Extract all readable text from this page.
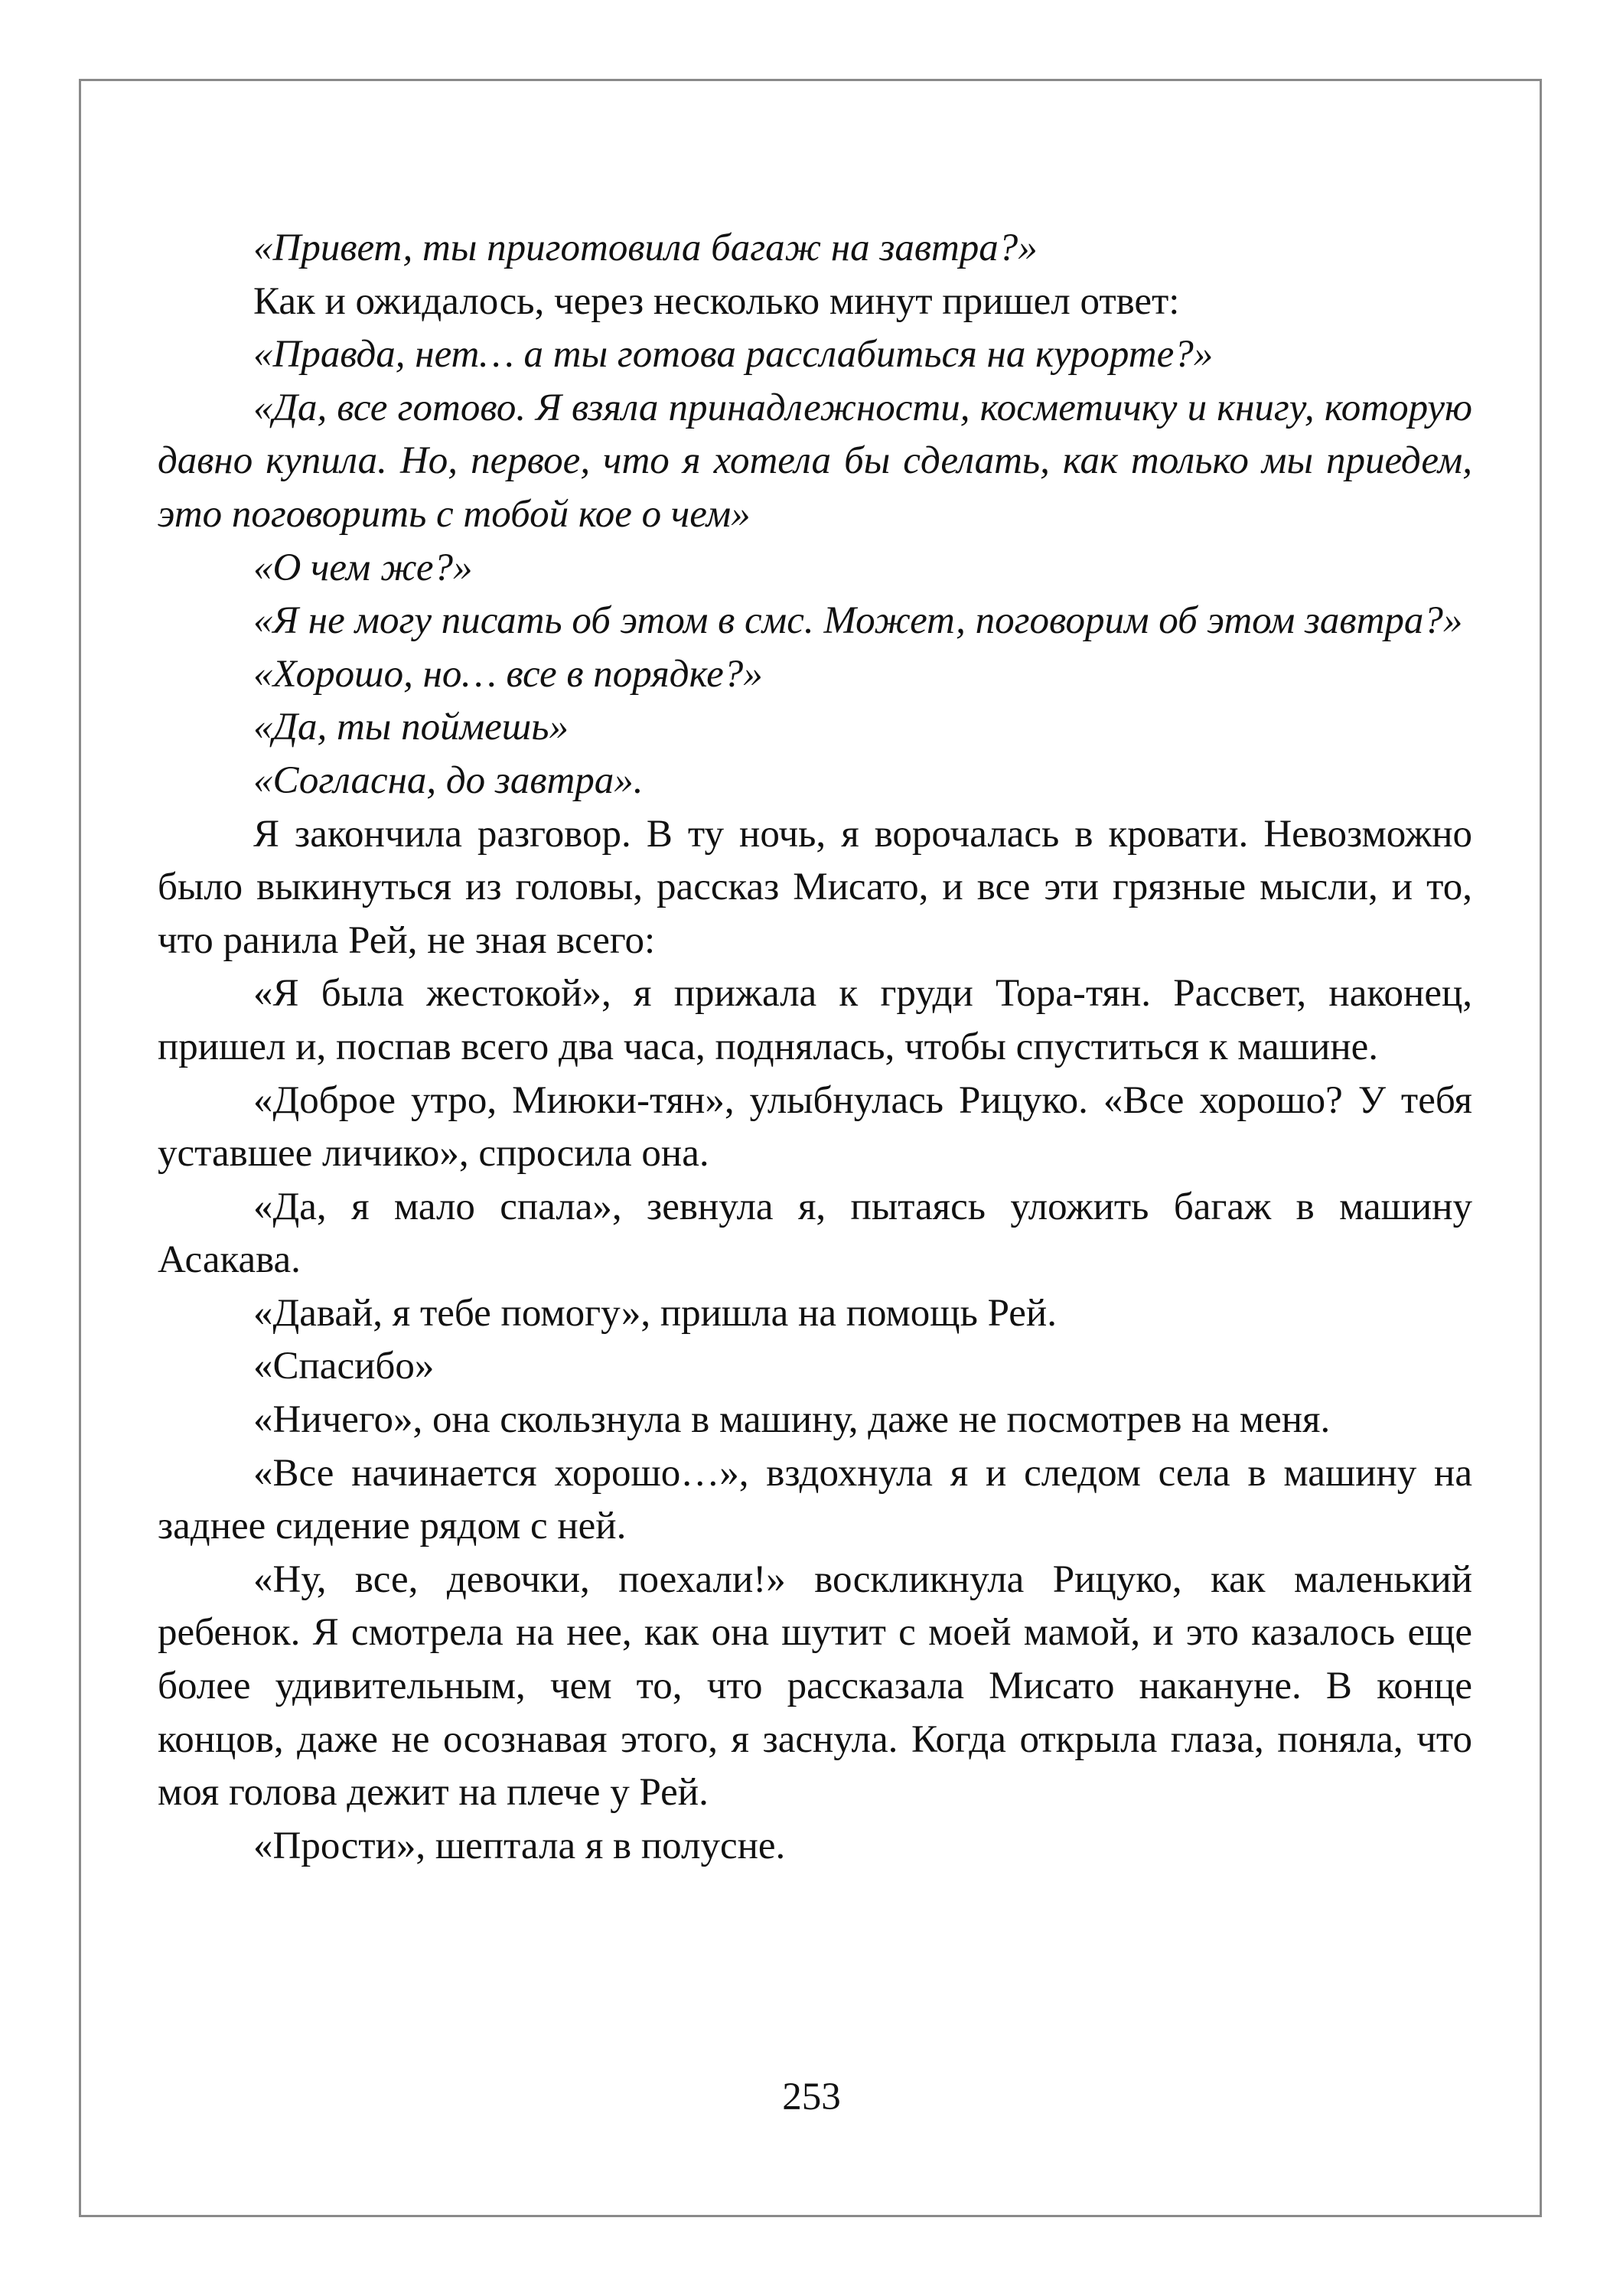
«Привет, ты приготовила багаж на завтра?»

Как и ожидалось, через несколько минут пришел ответ:

«Правда, нет… а ты готова расслабиться на курорте?»

«Да, все готово. Я взяла принадлежности, косметичку и книгу, которую давно купила. Но, первое, что я хотела бы сделать, как только мы приедем, это поговорить с тобой кое о чем»

«О чем же?»

«Я не могу писать об этом в смс. Может, поговорим об этом завтра?»

«Хорошо, но… все в порядке?»

«Да, ты поймешь»

«Согласна, до завтра».

Я закончила разговор. В ту ночь, я ворочалась в кровати. Невозможно было выкинуться из головы, рассказ Мисато, и все эти грязные мысли, и то, что ранила Рей, не зная всего:

«Я была жестокой», я прижала к груди Тора-тян. Рассвет, наконец, пришел и, поспав всего два часа, поднялась, чтобы спуститься к машине.

«Доброе утро, Миюки-тян», улыбнулась Рицуко. «Все хорошо? У тебя уставшее личико», спросила она.

«Да, я мало спала», зевнула я, пытаясь уложить багаж в машину Асакава.

«Давай, я тебе помогу», пришла на помощь Рей.

«Спасибо»

«Ничего», она скользнула в машину, даже не посмотрев на меня.

«Все начинается хорошо…», вздохнула я и следом села в машину на заднее сидение рядом с ней.

«Ну, все, девочки, поехали!» воскликнула Рицуко, как маленький ребенок. Я смотрела на нее, как она шутит с моей мамой, и это казалось еще более удивительным, чем то, что рассказала Мисато накануне. В конце концов, даже не осознавая этого, я заснула. Когда открыла глаза, поняла, что моя голова дежит на плече у Рей.

«Прости», шептала я в полусне.

253
